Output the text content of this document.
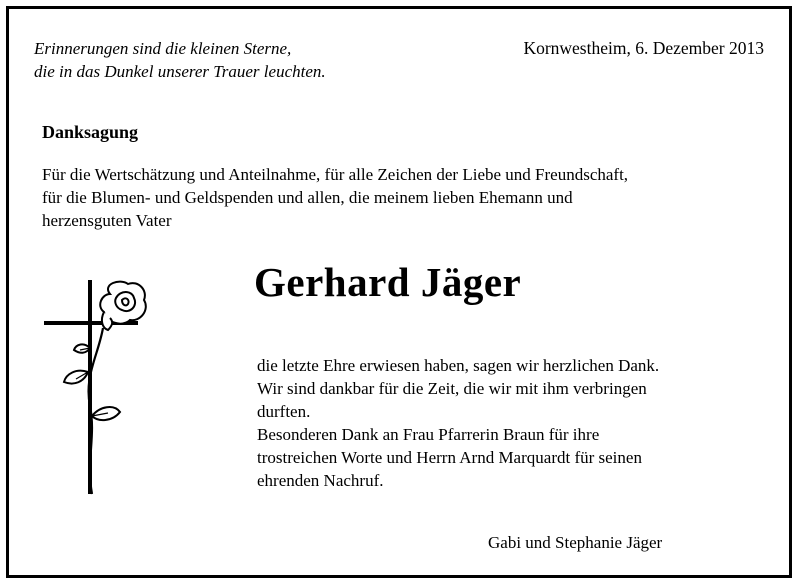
Erinnerungen sind die kleinen Sterne,
die in das Dunkel unserer Trauer leuchten.
Kornwestheim, 6. Dezember 2013
Danksagung
Für die Wertschätzung und Anteilnahme, für alle Zeichen der Liebe und Freundschaft,
für die Blumen- und Geldspenden und allen, die meinem lieben Ehemann und
herzensguten Vater
Gerhard Jäger

die letzte Ehre erwiesen haben, sagen wir herzlichen Dank.

Wir sind dankbar für die Zeit, die wir mit ihm verbringen

durften.

Besonderen Dank an Frau Pfarrerin Braun für ihre

trostreichen Worte und Herrn Arnd Marquardt für seinen

ehrenden Nachruf.

Gabi und Stephanie Jäger
